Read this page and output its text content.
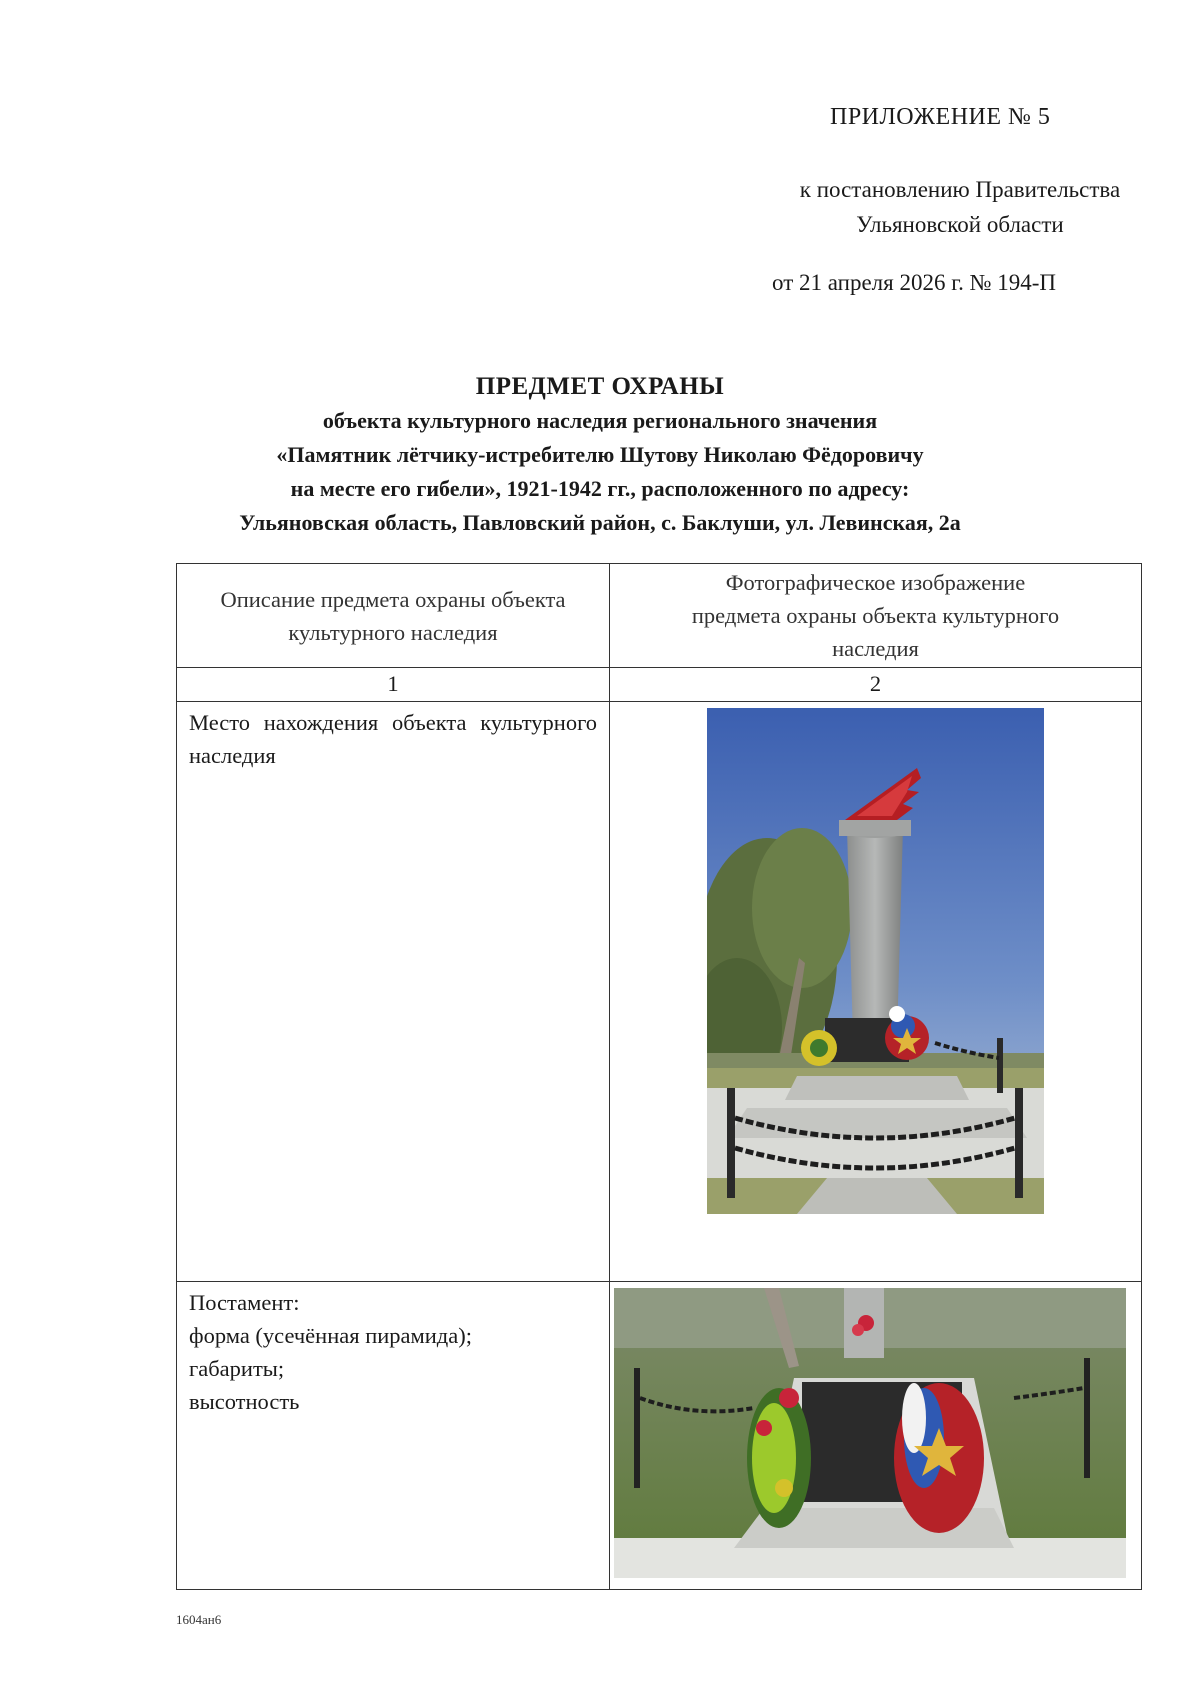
ПРИЛОЖЕНИЕ № 5
к постановлению Правительства
Ульяновской области
от 21 апреля 2026 г. № 194-П
ПРЕДМЕТ ОХРАНЫ
объекта культурного наследия регионального значения
«Памятник лётчику-истребителю Шутову Николаю Фёдоровичу
на месте его гибели», 1921-1942 гг., расположенного по адресу:
Ульяновская область, Павловский район, с. Баклуши, ул. Левинская, 2а
Описание предмета охраны объекта культурного наследия	Фотографическое изображение предмета охраны объекта культурного наследия
1	2
Место нахождения объекта культурного наследия	

Постамент:
форма (усечённая пирамида);
габариты;
высотность

1604ан6
